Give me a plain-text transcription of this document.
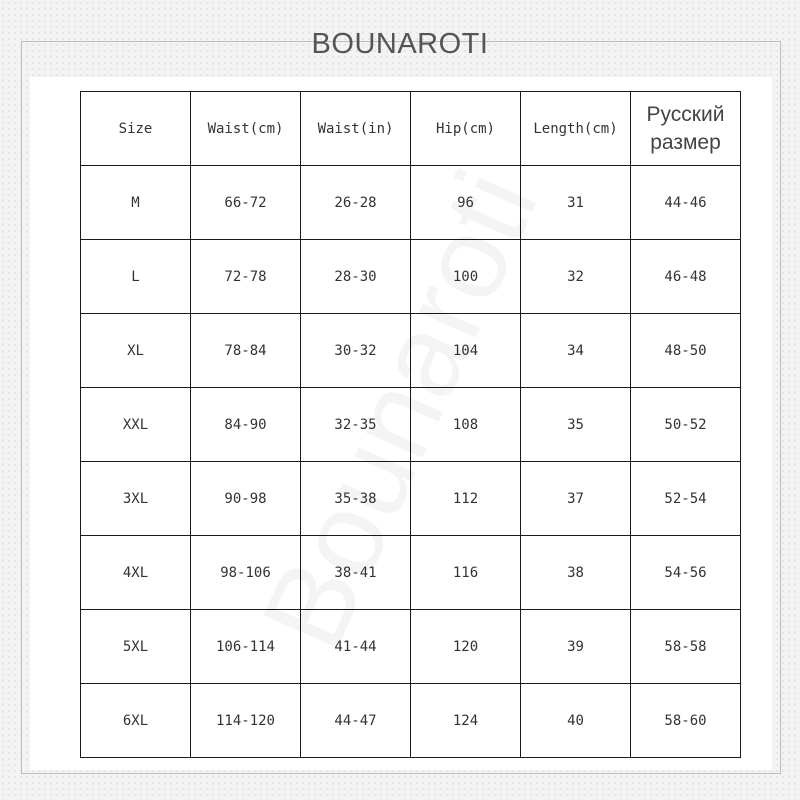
BOUNAROTI
Size	Waist(cm)	Waist(in)	Hip(cm)	Length(cm)	Русский
размер

M	66-72	26-28	96	31	44-46
L	72-78	28-30	100	32	46-48
XL	78-84	30-32	104	34	48-50
XXL	84-90	32-35	108	35	50-52
3XL	90-98	35-38	112	37	52-54
4XL	98-106	38-41	116	38	54-56
5XL	106-114	41-44	120	39	58-58
6XL	114-120	44-47	124	40	58-60
